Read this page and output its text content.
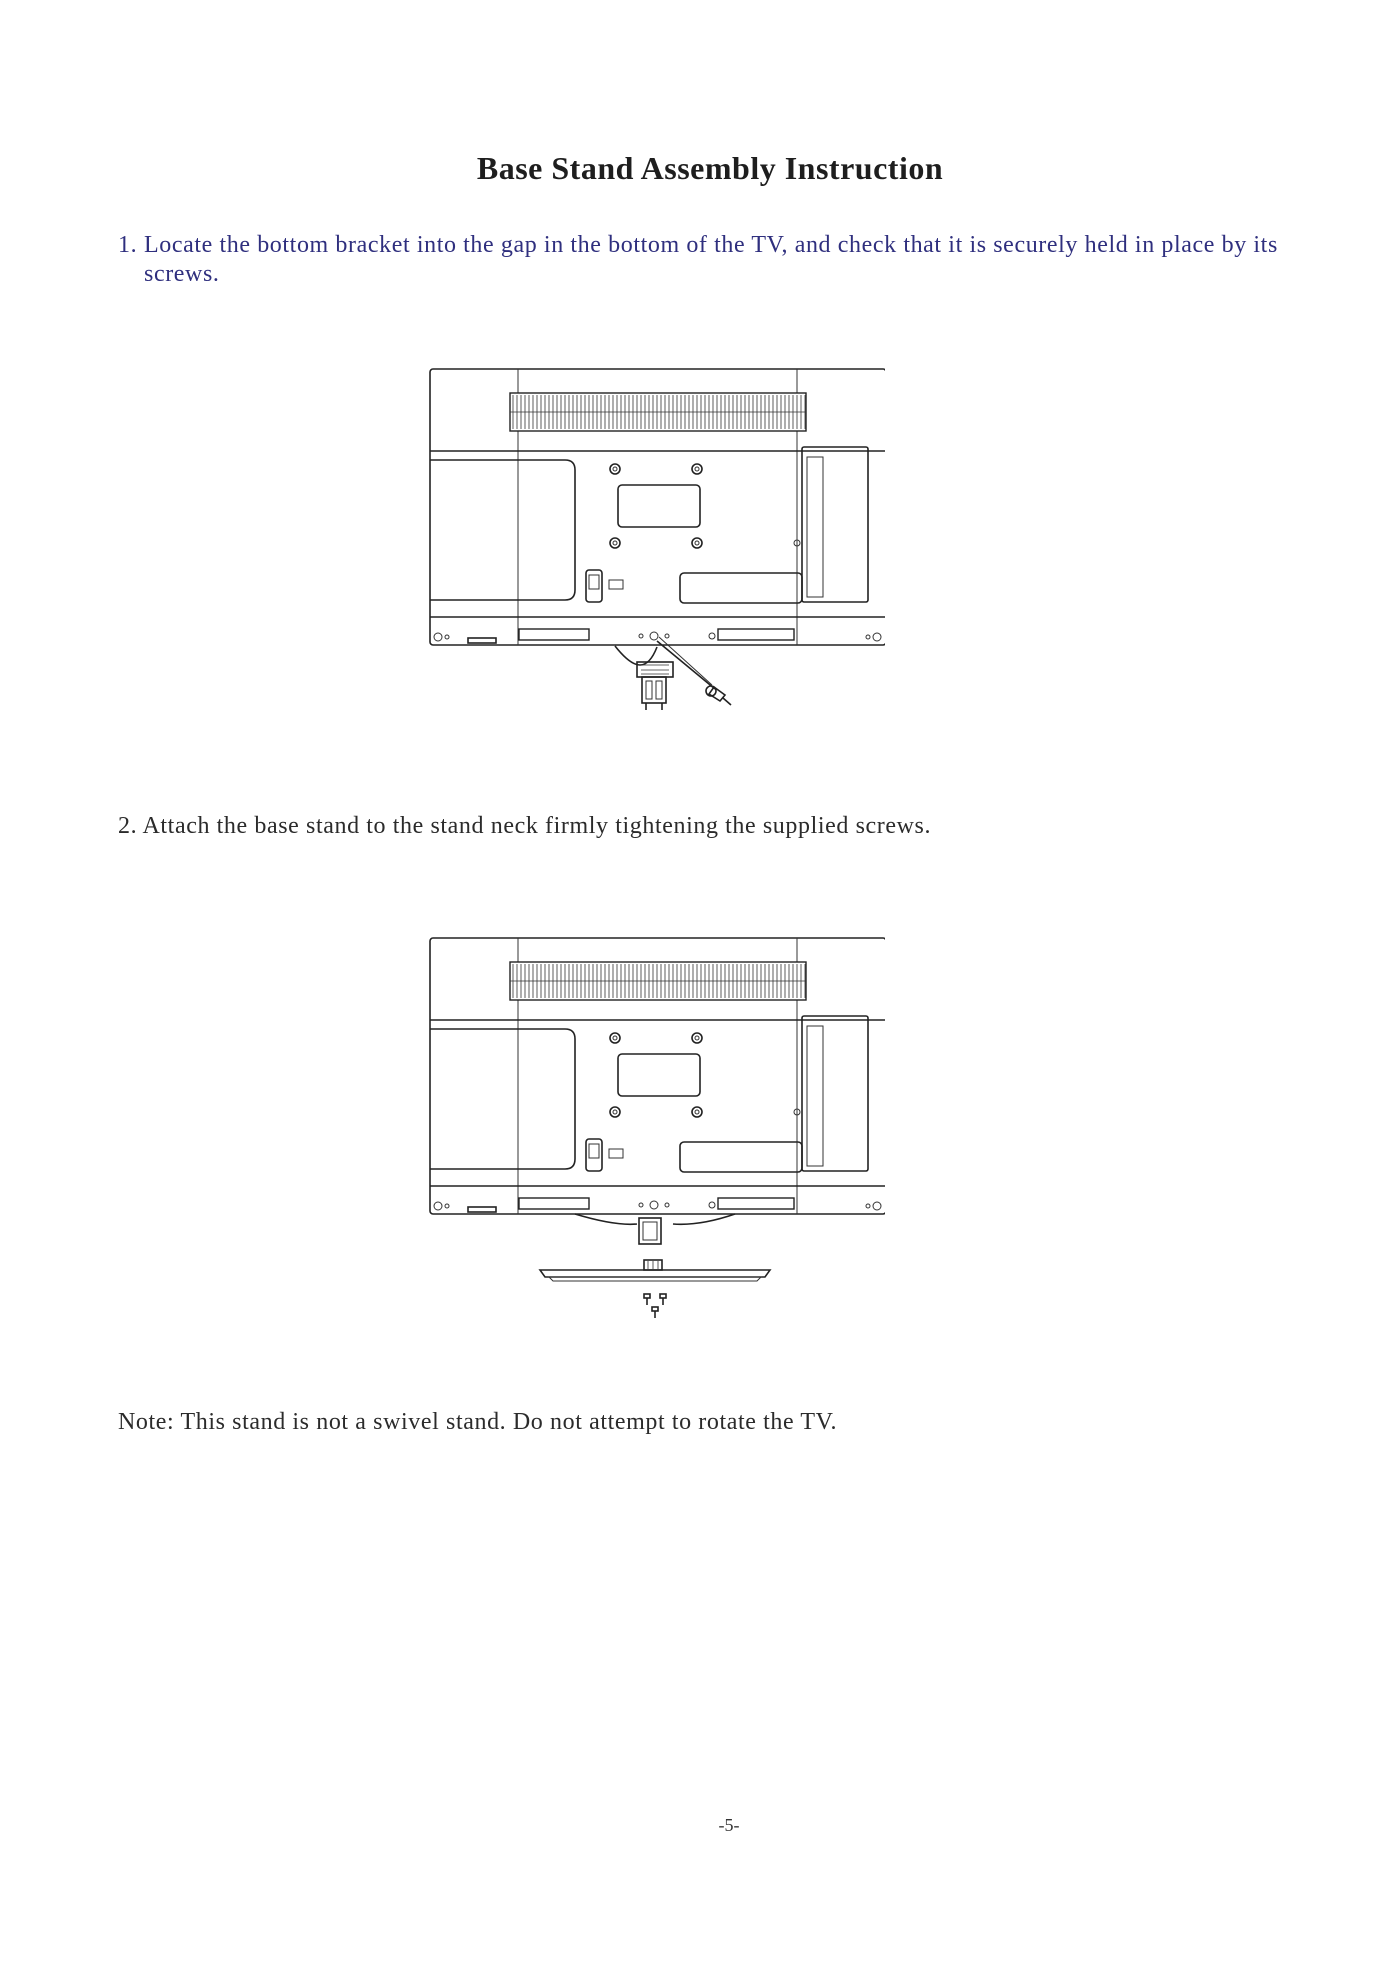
Base Stand Assembly Instruction
1. Locate the bottom bracket into the gap in the bottom of the TV, and check that it is securely held in place by its screws.
2. Attach the base stand to the stand neck firmly tightening the supplied screws.
Note: This stand is not a swivel stand. Do not attempt to rotate the TV.
-5-
